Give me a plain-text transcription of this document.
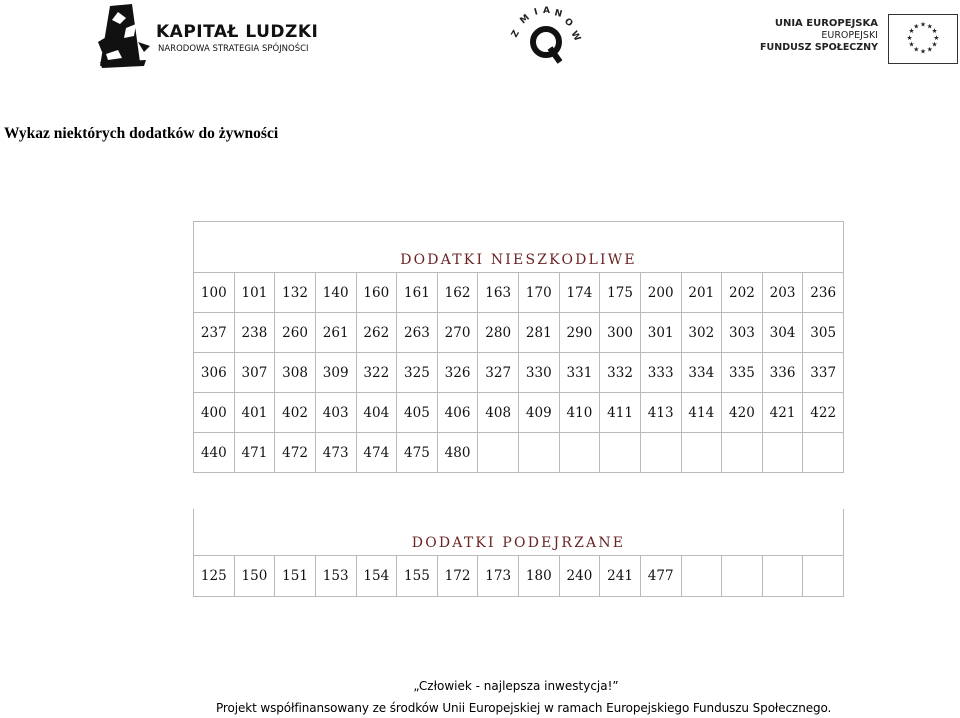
KAPITAŁ LUDZKI
NARODOWA STRATEGIA SPÓJNOŚCI
Z
M
I A N
O
W
UNIA EUROPEJSKA
EUROPEJSKI
FUNDUSZ SPOŁECZNY
★ ★
★
★
★
★
★
★
★
★
★
★
Wykaz niektórych dodatków do żywności
DODATKI NIESZKODLIWE															
100	101	132	140	160	161	162	163	170	174	175	200	201	202	203	236
237	238	260	261	262	263	270	280	281	290	300	301	302	303	304	305
306	307	308	309	322	325	326	327	330	331	332	333	334	335	336	337
400	401	402	403	404	405	406	408	409	410	411	413	414	420	421	422
440	471	472	473	474	475	480									
DODATKI PODEJRZANE
125	150	151	153	154	155	172	173	180	240	241	477				
„Człowiek - najlepsza inwestycja!”
Projekt współfinansowany ze środków Unii Europejskiej w ramach Europejskiego Funduszu Społecznego.
